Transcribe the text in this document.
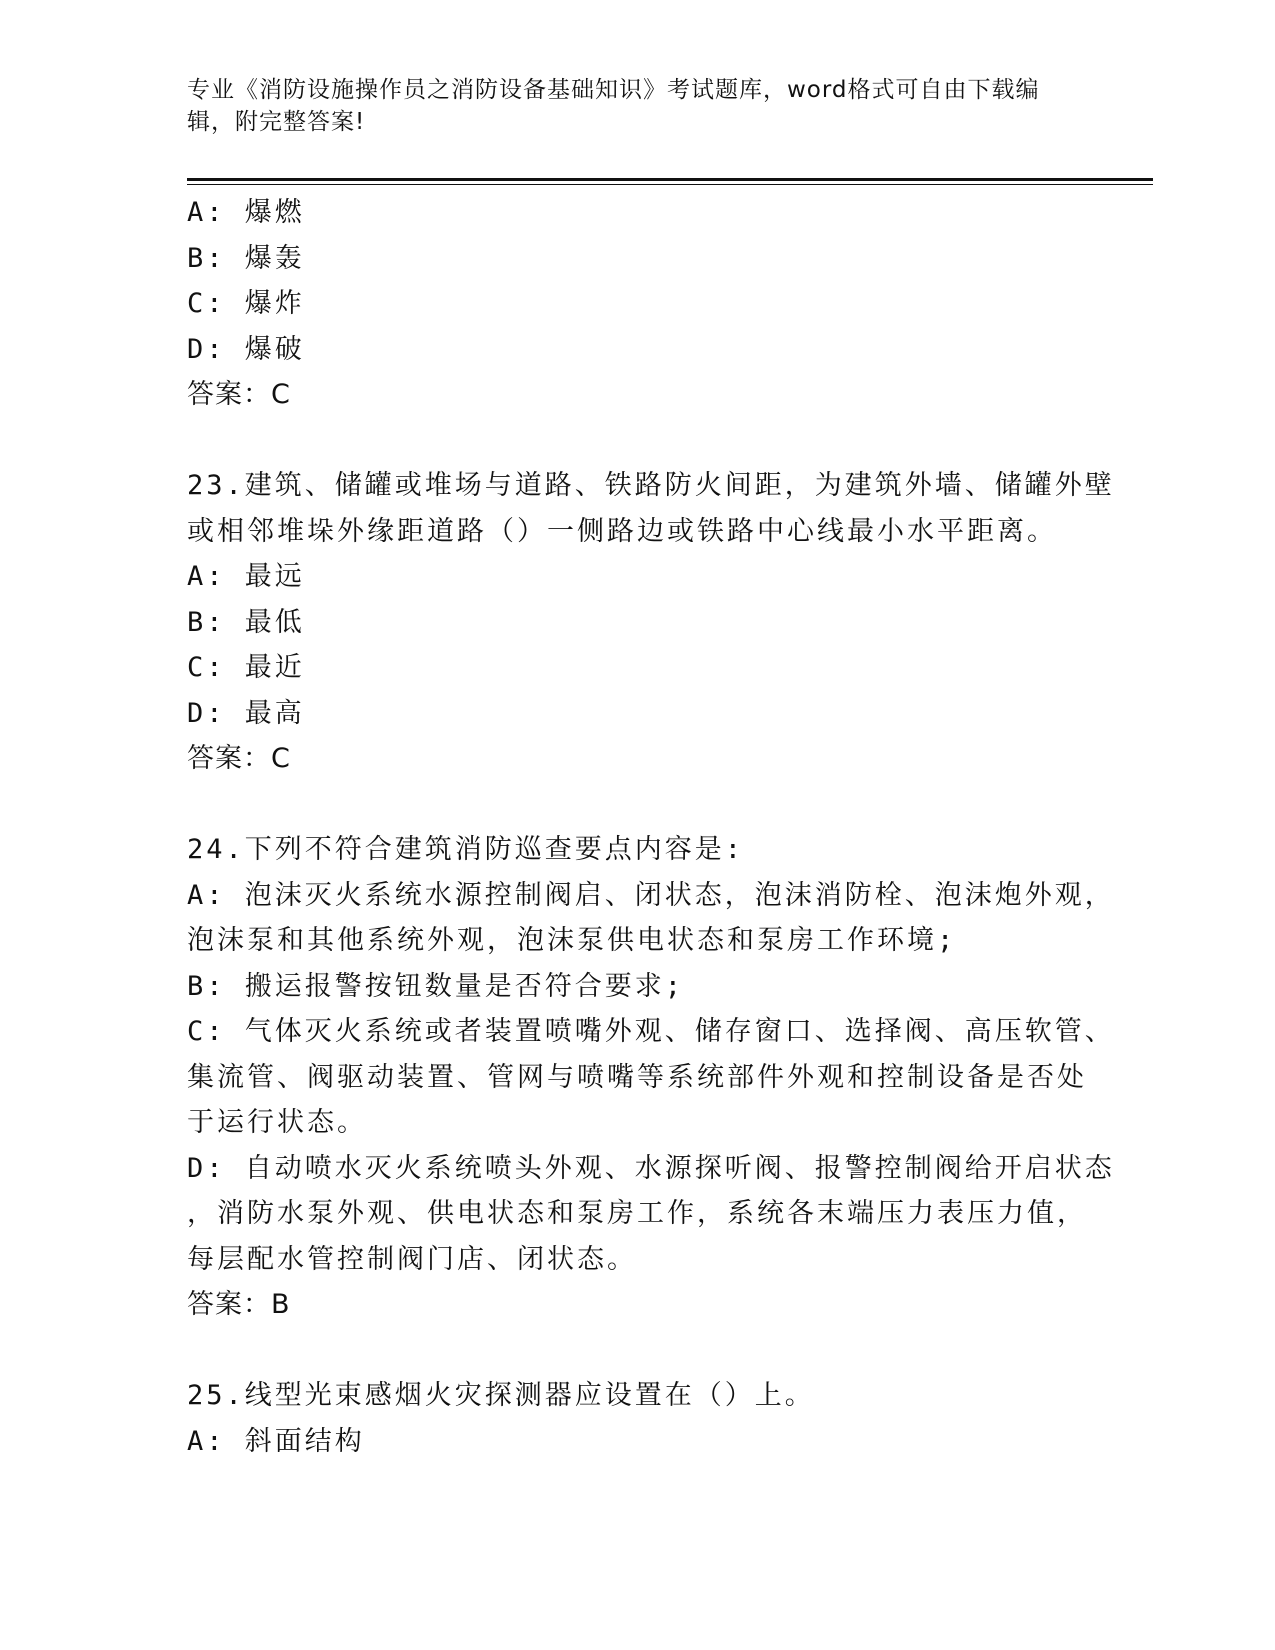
专业《消防设施操作员之消防设备基础知识》考试题库，word格式可自由下载编
辑，附完整答案!
A: 爆燃
B: 爆轰
C: 爆炸
D: 爆破
答案：C
23.建筑、储罐或堆场与道路、铁路防火间距，为建筑外墙、储罐外壁
或相邻堆垛外缘距道路（）一侧路边或铁路中心线最小水平距离。
A: 最远
B: 最低
C: 最近
D: 最高
答案：C
24.下列不符合建筑消防巡查要点内容是:
A: 泡沫灭火系统水源控制阀启、闭状态，泡沫消防栓、泡沫炮外观，
泡沫泵和其他系统外观，泡沫泵供电状态和泵房工作环境;
B: 搬运报警按钮数量是否符合要求;
C: 气体灭火系统或者装置喷嘴外观、储存窗口、选择阀、高压软管、
集流管、阀驱动装置、管网与喷嘴等系统部件外观和控制设备是否处
于运行状态。
D: 自动喷水灭火系统喷头外观、水源探听阀、报警控制阀给开启状态
，消防水泵外观、供电状态和泵房工作，系统各末端压力表压力值，
每层配水管控制阀门店、闭状态。
答案：B
25.线型光束感烟火灾探测器应设置在（）上。
A: 斜面结构
